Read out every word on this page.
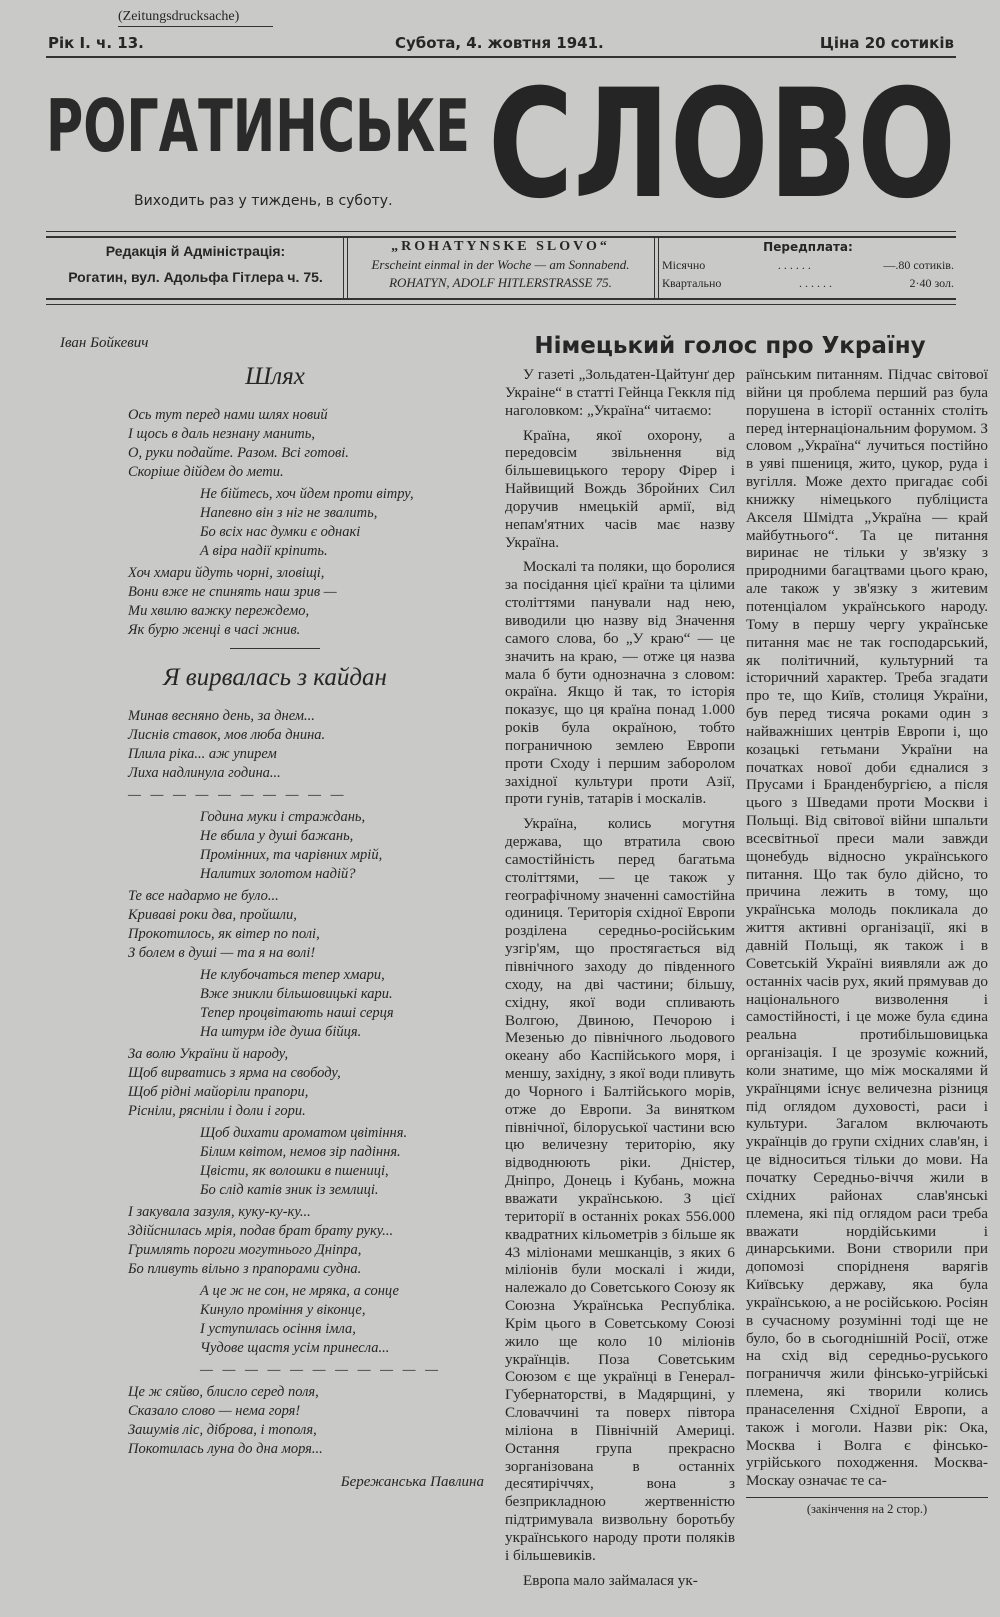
(Zeitungsdrucksache)
Рік I. ч. 13.	Субота, 4. жовтня 1941.	Ціна 20 сотиків
РОГАТИНСЬКЕ СЛОВО
Виходить раз у тиждень, в суботу.
Редакція й Адміністрація:
Рогатин, вул. Адольфа Гітлера ч. 75.
„ROHATYNSKE SLOVO“
Erscheint einmal in der Woche — am Sonnabend.
ROHATYN, ADOLF HITLERSTRASSE 75.
Передплата:
Місячно	. . . . . .	—.80 сотиків.
Квартально	. . . . . .	2·40 зол.
Іван Бойкевич
Шлях
Ось тут перед нами шлях новий
І щось в даль незнану манить,
О, руки подайте. Разом. Всі готові.
Скоріше дійдем до мети.
Не бійтесь, хоч йдем проти вітру,
Напевно він з ніг не звалить,
Бо всіх нас думки є однакі
А віра надії кріпить.
Хоч хмари йдуть чорні, зловіщі,
Вони вже не спинять наш зрив —
Ми хвилю важку переждемо,
Як бурю женці в часі жнив.
Я вирвалась з кайдан
Минав весняно день, за днем...
Лиснів ставок, мов люба днина.
Плила ріка... аж упирем
Лиха надлинула година...
— — — — — — — — — —
Година муки і страждань,
Не вбила у душі бажань,
Промінних, та чарівних мрій,
Налитих золотом надій?
Те все надармо не було...
Криваві роки два, пройшли,
Прокотилось, як вітер по полі,
З болем в душі — та я на волі!
Не клубочаться тепер хмари,
Вже зникли більшовицькі кари.
Тепер процвітають наші серця
На штурм іде душа бійця.
За волю України й народу,
Щоб вирватись з ярма на свободу,
Щоб рідні майоріли прапори,
Рісніли, рясніли і доли і гори.
Щоб дихати ароматом цвітіння.
Білим квітом, немов зір падіння.
Цвісти, як волошки в пшениці,
Бо слід катів зник із землиці.
І закувала зазуля, куку-ку-ку...
Здійснилась мрія, подав брат брату руку...
Гримлять пороги могутнього Дніпра,
Бо пливуть вільно з прапорами судна.
А це ж не сон, не мряка, а сонце
Кинуло проміння у віконце,
І уступилась осіння імла,
Чудове щастя усім принесла...
— — — — — — — — — — —
Це ж сяйво, блисло серед поля,
Сказало слово — нема горя!
Зашумів ліс, діброва, і тополя,
Покотилась луна до дна моря...
Бережанська Павлина
Німецький голос про Україну

У газеті „Зольдатен-Цайтунґ дер Украіне“ в статті Гейнца Геккля під наголовком: „Україна“ читаємо:

Країна, якої охорону, а передовсім звільнення від більшевицького терору Фірер і Найвищий Вождь Збройних Сил доручив нмецькій армії, від непам'ятних часів має назву Україна.

Москалі та поляки, що боролися за посідання цієї країни та цілими століттями панували над нею, виводили цю назву від Значення самого слова, бо „У краю“ — це значить на краю, — отже ця назва мала б бути однозначна з словом: окраїна. Якщо й так, то історія показує, що ця країна понад 1.000 років була окраїною, тобто пограничною землею Европи проти Сходу і першим заборолом західної культури проти Азії, проти гунів, татарів і москалів.

Україна, колись могутня держава, що втратила свою самостійність перед багатьма століттями, — це також у географічному значенні самостійна одиниця. Територія східної Европи розділена середньо-російським узгір'ям, що простягається від північного заходу до південного сходу, на дві частини; більшу, східну, якої води спливають Волгою, Двиною, Печорою і Мезенью до північного льодового океану або Каспійського моря, і меншу, західну, з якої води пливуть до Чорного і Балтійського морів, отже до Европи. За винятком північної, білоруської частини всю цю величезну територію, яку відводнюють ріки. Дністер, Дніпро, Донець і Кубань, можна вважати українською. З цієї території в останніх роках 556.000 квадратних кільометрів з більше як 43 міліонами мешканців, з яких 6 міліонів були москалі і жиди, належало до Советського Союзу як Союзна Українська Республіка. Крім цього в Советському Союзі жило ще коло 10 міліонів українців. Поза Советським Союзом є ще українці в Генерал-Губернаторстві, в Мадярщині, у Словаччині та поверх півтора міліона в Північній Америці. Остання група прекрасно зорганізована в останніх десятиріччях, вона з безприкладною жертвенністю підтримувала визвольну боротьбу українського народу проти поляків і більшевиків.

Европа мало займалася ук-

раїнським питанням. Підчас світової війни ця проблема перший раз була порушена в історії останніх століть перед інтернаціональним форумом. З словом „Україна“ лучиться постійно в уяві пшениця, жито, цукор, руда і вугілля. Може дехто пригадає собі книжку німецького публіциста Акселя Шмідта „Україна — край майбутнього“. Та це питання виринає не тільки у зв'язку з природними багацтвами цього краю, але також у зв'язку з житевим потенціалом українського народу. Тому в першу чергу українське питання має не так господарський, як політичний, культурний та історичний характер. Треба згадати про те, що Київ, столиця України, був перед тисяча роками один з найважніших центрів Европи і, що козацькі гетьмани України на початках нової доби єдналися з Прусами і Бранденбургією, а після цього з Шведами проти Москви і Польщі. Від світової війни шпальти всесвітньої преси мали завжди щонебудь відносно українського питання. Що так було дійсно, то причина лежить в тому, що українська молодь покликала до життя активні організації, які в давній Польщі, як також і в Советській Україні виявляли аж до останніх часів рух, який прямував до національного визволення і самостійності, і це може була єдина реальна протибільшовицька організація. І це зрозуміє кожний, коли знатиме, що між москалями й українцями існує величезна різниця під оглядом духовості, раси і культури. Загалом включають українців до групи східних слав'ян, і це відноситься тільки до мови. На початку Середньо-віччя жили в східних районах слав'янські племена, які під оглядом раси треба вважати нордійськими і динарськими. Вони створили при допомозі спорідненя варягів Київську державу, яка була українською, а не російською. Росіян в сучасному розумінні тоді ще не було, бо в сьогоднішній Росії, отже на схід від середньо-руського пограниччя жили фінсько-угрійські племена, які творили колись пранаселення Східної Европи, а також і моголи. Назви рік: Ока, Москва і Волга є фінсько-угрійського походження. Москва-Москау означає те са-

(закінчення на 2 стор.)
